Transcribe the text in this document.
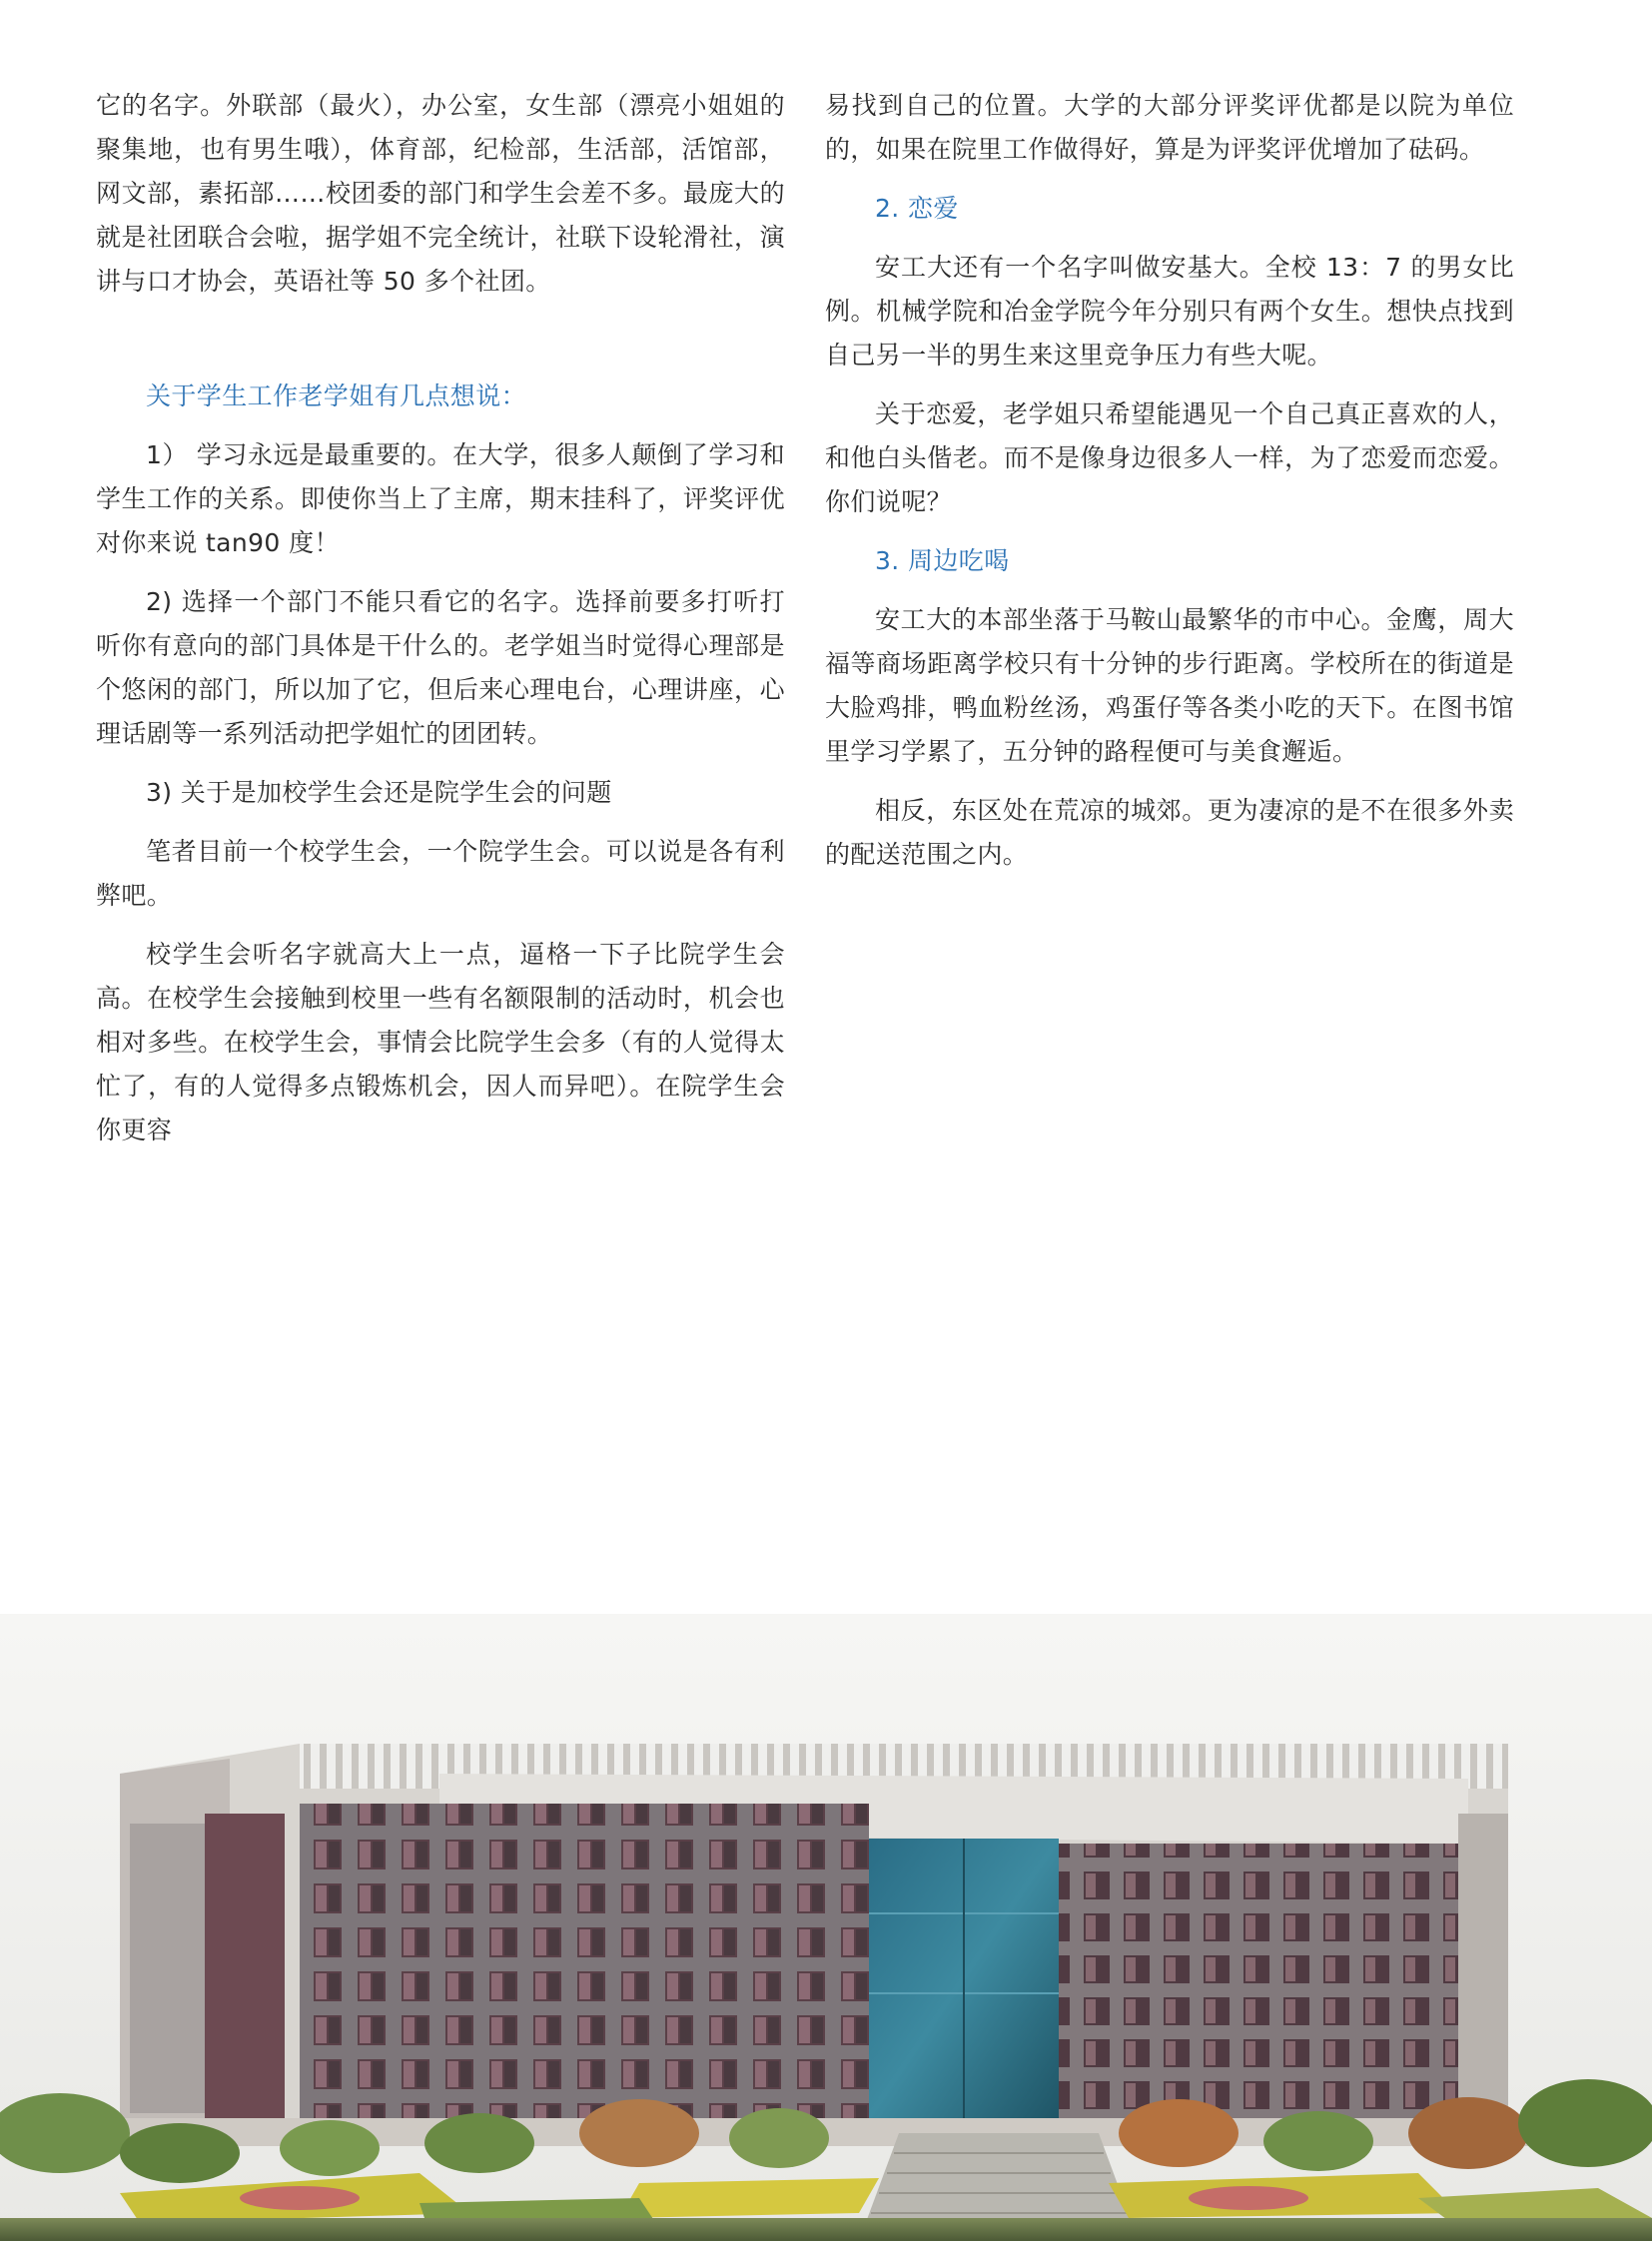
它的名字。外联部（最火），办公室，女生部（漂亮小姐姐的聚集地，也有男生哦），体育部，纪检部，生活部，活馆部，网文部，素拓部……校团委的部门和学生会差不多。最庞大的就是社团联合会啦，据学姐不完全统计，社联下设轮滑社，演讲与口才协会，英语社等 50 多个社团。

关于学生工作老学姐有几点想说：

1） 学习永远是最重要的。在大学，很多人颠倒了学习和学生工作的关系。即使你当上了主席，期末挂科了，评奖评优对你来说 tan90 度！

2) 选择一个部门不能只看它的名字。选择前要多打听打听你有意向的部门具体是干什么的。老学姐当时觉得心理部是个悠闲的部门，所以加了它，但后来心理电台，心理讲座，心理话剧等一系列活动把学姐忙的团团转。

3) 关于是加校学生会还是院学生会的问题

笔者目前一个校学生会，一个院学生会。可以说是各有利弊吧。

校学生会听名字就高大上一点，逼格一下子比院学生会高。在校学生会接触到校里一些有名额限制的活动时，机会也相对多些。在校学生会，事情会比院学生会多（有的人觉得太忙了，有的人觉得多点锻炼机会，因人而异吧）。在院学生会你更容

易找到自己的位置。大学的大部分评奖评优都是以院为单位的，如果在院里工作做得好，算是为评奖评优增加了砝码。

2. 恋爱

安工大还有一个名字叫做安基大。全校 13：7 的男女比例。机械学院和冶金学院今年分别只有两个女生。想快点找到自己另一半的男生来这里竞争压力有些大呢。

关于恋爱，老学姐只希望能遇见一个自己真正喜欢的人，和他白头偕老。而不是像身边很多人一样，为了恋爱而恋爱。你们说呢？

3. 周边吃喝

安工大的本部坐落于马鞍山最繁华的市中心。金鹰，周大福等商场距离学校只有十分钟的步行距离。学校所在的街道是大脸鸡排，鸭血粉丝汤，鸡蛋仔等各类小吃的天下。在图书馆里学习学累了，五分钟的路程便可与美食邂逅。

相反，东区处在荒凉的城郊。更为凄凉的是不在很多外卖的配送范围之内。
